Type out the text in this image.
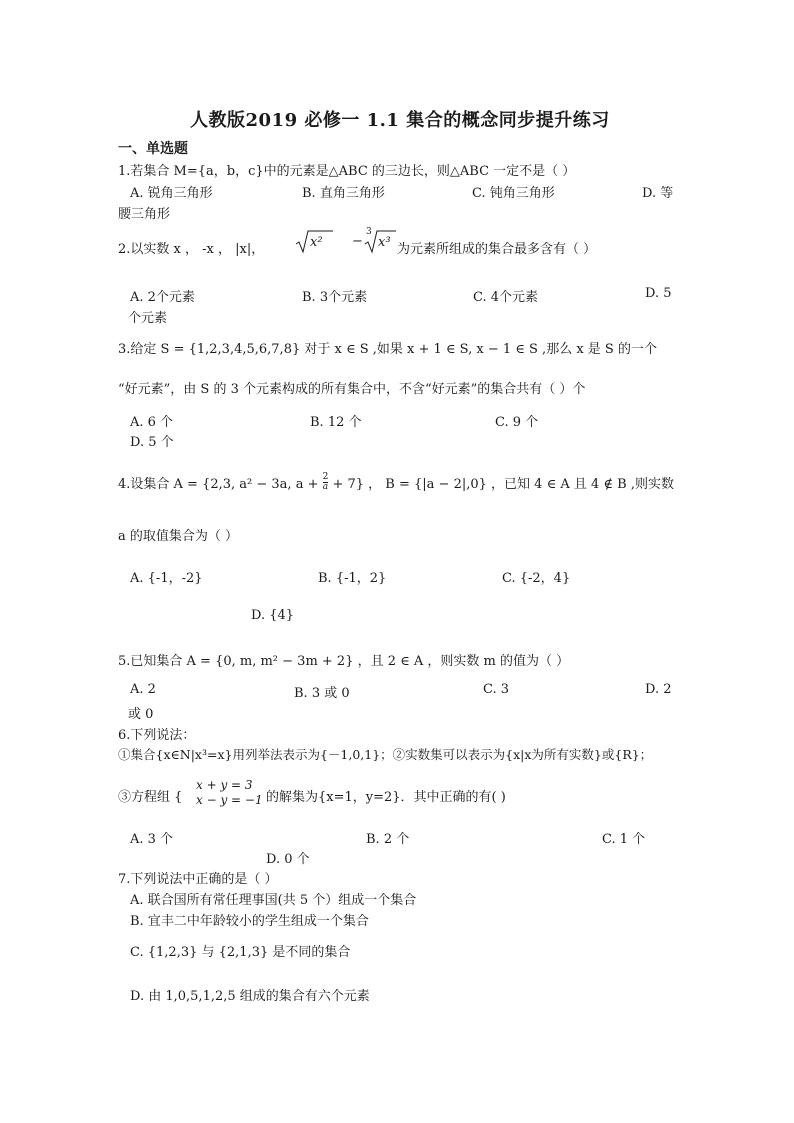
人教版2019 必修一 1.1 集合的概念同步提升练习
一、单选题
1.若集合 M={a，b，c}中的元素是△ABC 的三边长，则△ABC 一定不是（ ）
A. 锐角三角形	B. 直角三角形	C. 钝角三角形	D. 等
腰三角形
2.以实数 x ， -x ， |x|，	x² −
3
x³ 为元素所组成的集合最多含有（ ）
A. 2个元素	B. 3个元素	C. 4个元素	D. 5
个元素
3.给定 S = {1,2,3,4,5,6,7,8} 对于 x ∈ S ,如果 x + 1 ∈ S, x − 1 ∈ S ,那么 x 是 S 的一个
“好元素”，由 S 的 3 个元素构成的所有集合中，不含“好元素”的集合共有（ ）个
A. 6 个	B. 12 个	C. 9 个
D. 5 个
4.设集合 A = {2,3, a² − 3a, $a + \frac{2}{a} + 7$} ， B = {|a − 2|,0} ，已知 4 ∈ A 且 4 ∉ B ,则实数
a 的取值集合为（ ）
A. {-1，-2}	B. {-1，2}	C. {-2，4}
D. {4}
5.已知集合 A = {0, m, m² − 3m + 2} ，且 2 ∈ A ，则实数 m 的值为（ ）
A. 2	B. 3 或 0	C. 3	D. 2
或 0
6.下列说法：
①集合{x∈N|x³=x}用列举法表示为{－1,0,1}；②实数集可以表示为{x|x为所有实数}或{R}；
③方程组 {
x + y = 3
x − y = −1 的解集为{x=1，y=2}．其中正确的有( )
A. 3 个	B. 2 个	C. 1 个
D. 0 个
7.下列说法中正确的是（ ）
A. 联合国所有常任理事国(共 5 个）组成一个集合
B. 宜丰二中年龄较小的学生组成一个集合
C. {1,2,3} 与 {2,1,3} 是不同的集合
D. 由 1,0,5,1,2,5 组成的集合有六个元素
